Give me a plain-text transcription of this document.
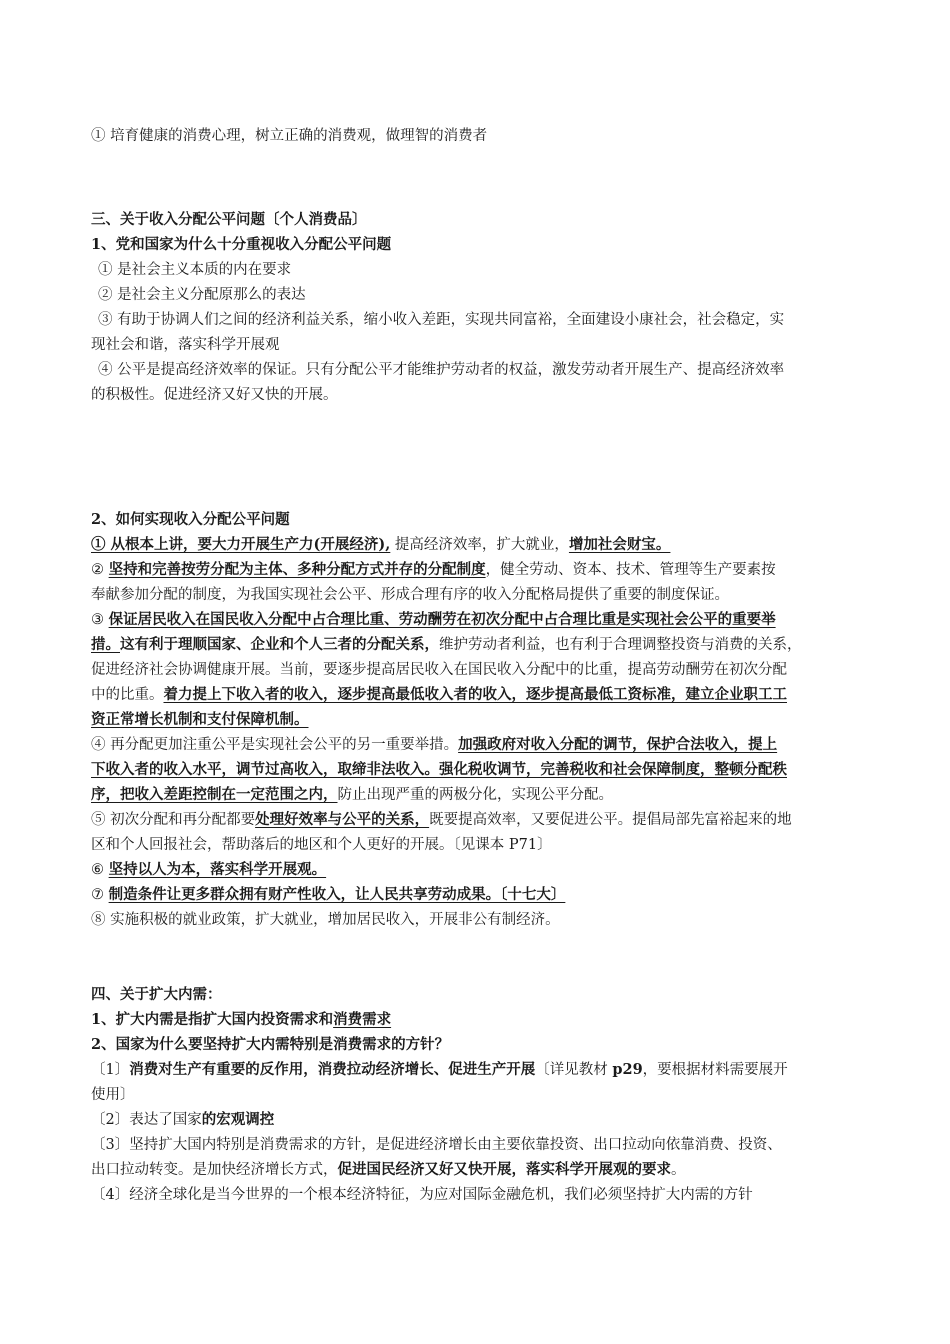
① 培育健康的消费心理，树立正确的消费观，做理智的消费者
三、关于收入分配公平问题〔个人消费品〕
1、党和国家为什么十分重视收入分配公平问题
① 是社会主义本质的内在要求
② 是社会主义分配原那么的表达
③ 有助于协调人们之间的经济利益关系，缩小收入差距，实现共同富裕，全面建设小康社会，社会稳定，实
现社会和谐，落实科学开展观
④ 公平是提高经济效率的保证。只有分配公平才能维护劳动者的权益，激发劳动者开展生产、提高经济效率
的积极性。促进经济又好又快的开展。
2、如何实现收入分配公平问题
① 从根本上讲，要大力开展生产力(开展经济), 提高经济效率，扩大就业，增加社会财宝。
② 坚持和完善按劳分配为主体、多种分配方式并存的分配制度，健全劳动、资本、技术、管理等生产要素按
奉献参加分配的制度，为我国实现社会公平、形成合理有序的收入分配格局提供了重要的制度保证。
③ 保证居民收入在国民收入分配中占合理比重、劳动酬劳在初次分配中占合理比重是实现社会公平的重要举
措。这有利于理顺国家、企业和个人三者的分配关系，维护劳动者利益，也有利于合理调整投资与消费的关系，
促进经济社会协调健康开展。当前，要逐步提高居民收入在国民收入分配中的比重，提高劳动酬劳在初次分配
中的比重。着力提上下收入者的收入，逐步提高最低收入者的收入，逐步提高最低工资标准，建立企业职工工
资正常增长机制和支付保障机制。
④ 再分配更加注重公平是实现社会公平的另一重要举措。加强政府对收入分配的调节，保护合法收入，提上
下收入者的收入水平，调节过高收入，取缔非法收入。强化税收调节，完善税收和社会保障制度，整顿分配秩
序，把收入差距控制在一定范围之内，防止出现严重的两极分化，实现公平分配。
⑤ 初次分配和再分配都要处理好效率与公平的关系，既要提高效率，又要促进公平。提倡局部先富裕起来的地
区和个人回报社会，帮助落后的地区和个人更好的开展。〔见课本 P71〕
⑥ 坚持以人为本，落实科学开展观。
⑦ 制造条件让更多群众拥有财产性收入，让人民共享劳动成果。〔十七大〕
⑧ 实施积极的就业政策，扩大就业，增加居民收入，开展非公有制经济。
四、关于扩大内需：
1、扩大内需是指扩大国内投资需求和消费需求
2、国家为什么要坚持扩大内需特别是消费需求的方针？
〔1〕消费对生产有重要的反作用，消费拉动经济增长、促进生产开展〔详见教材 p29，要根据材料需要展开
使用〕
〔2〕表达了国家的宏观调控
〔3〕坚持扩大国内特别是消费需求的方针，是促进经济增长由主要依靠投资、出口拉动向依靠消费、投资、
出口拉动转变。是加快经济增长方式，促进国民经济又好又快开展，落实科学开展观的要求。
〔4〕经济全球化是当今世界的一个根本经济特征，为应对国际金融危机，我们必须坚持扩大内需的方针
